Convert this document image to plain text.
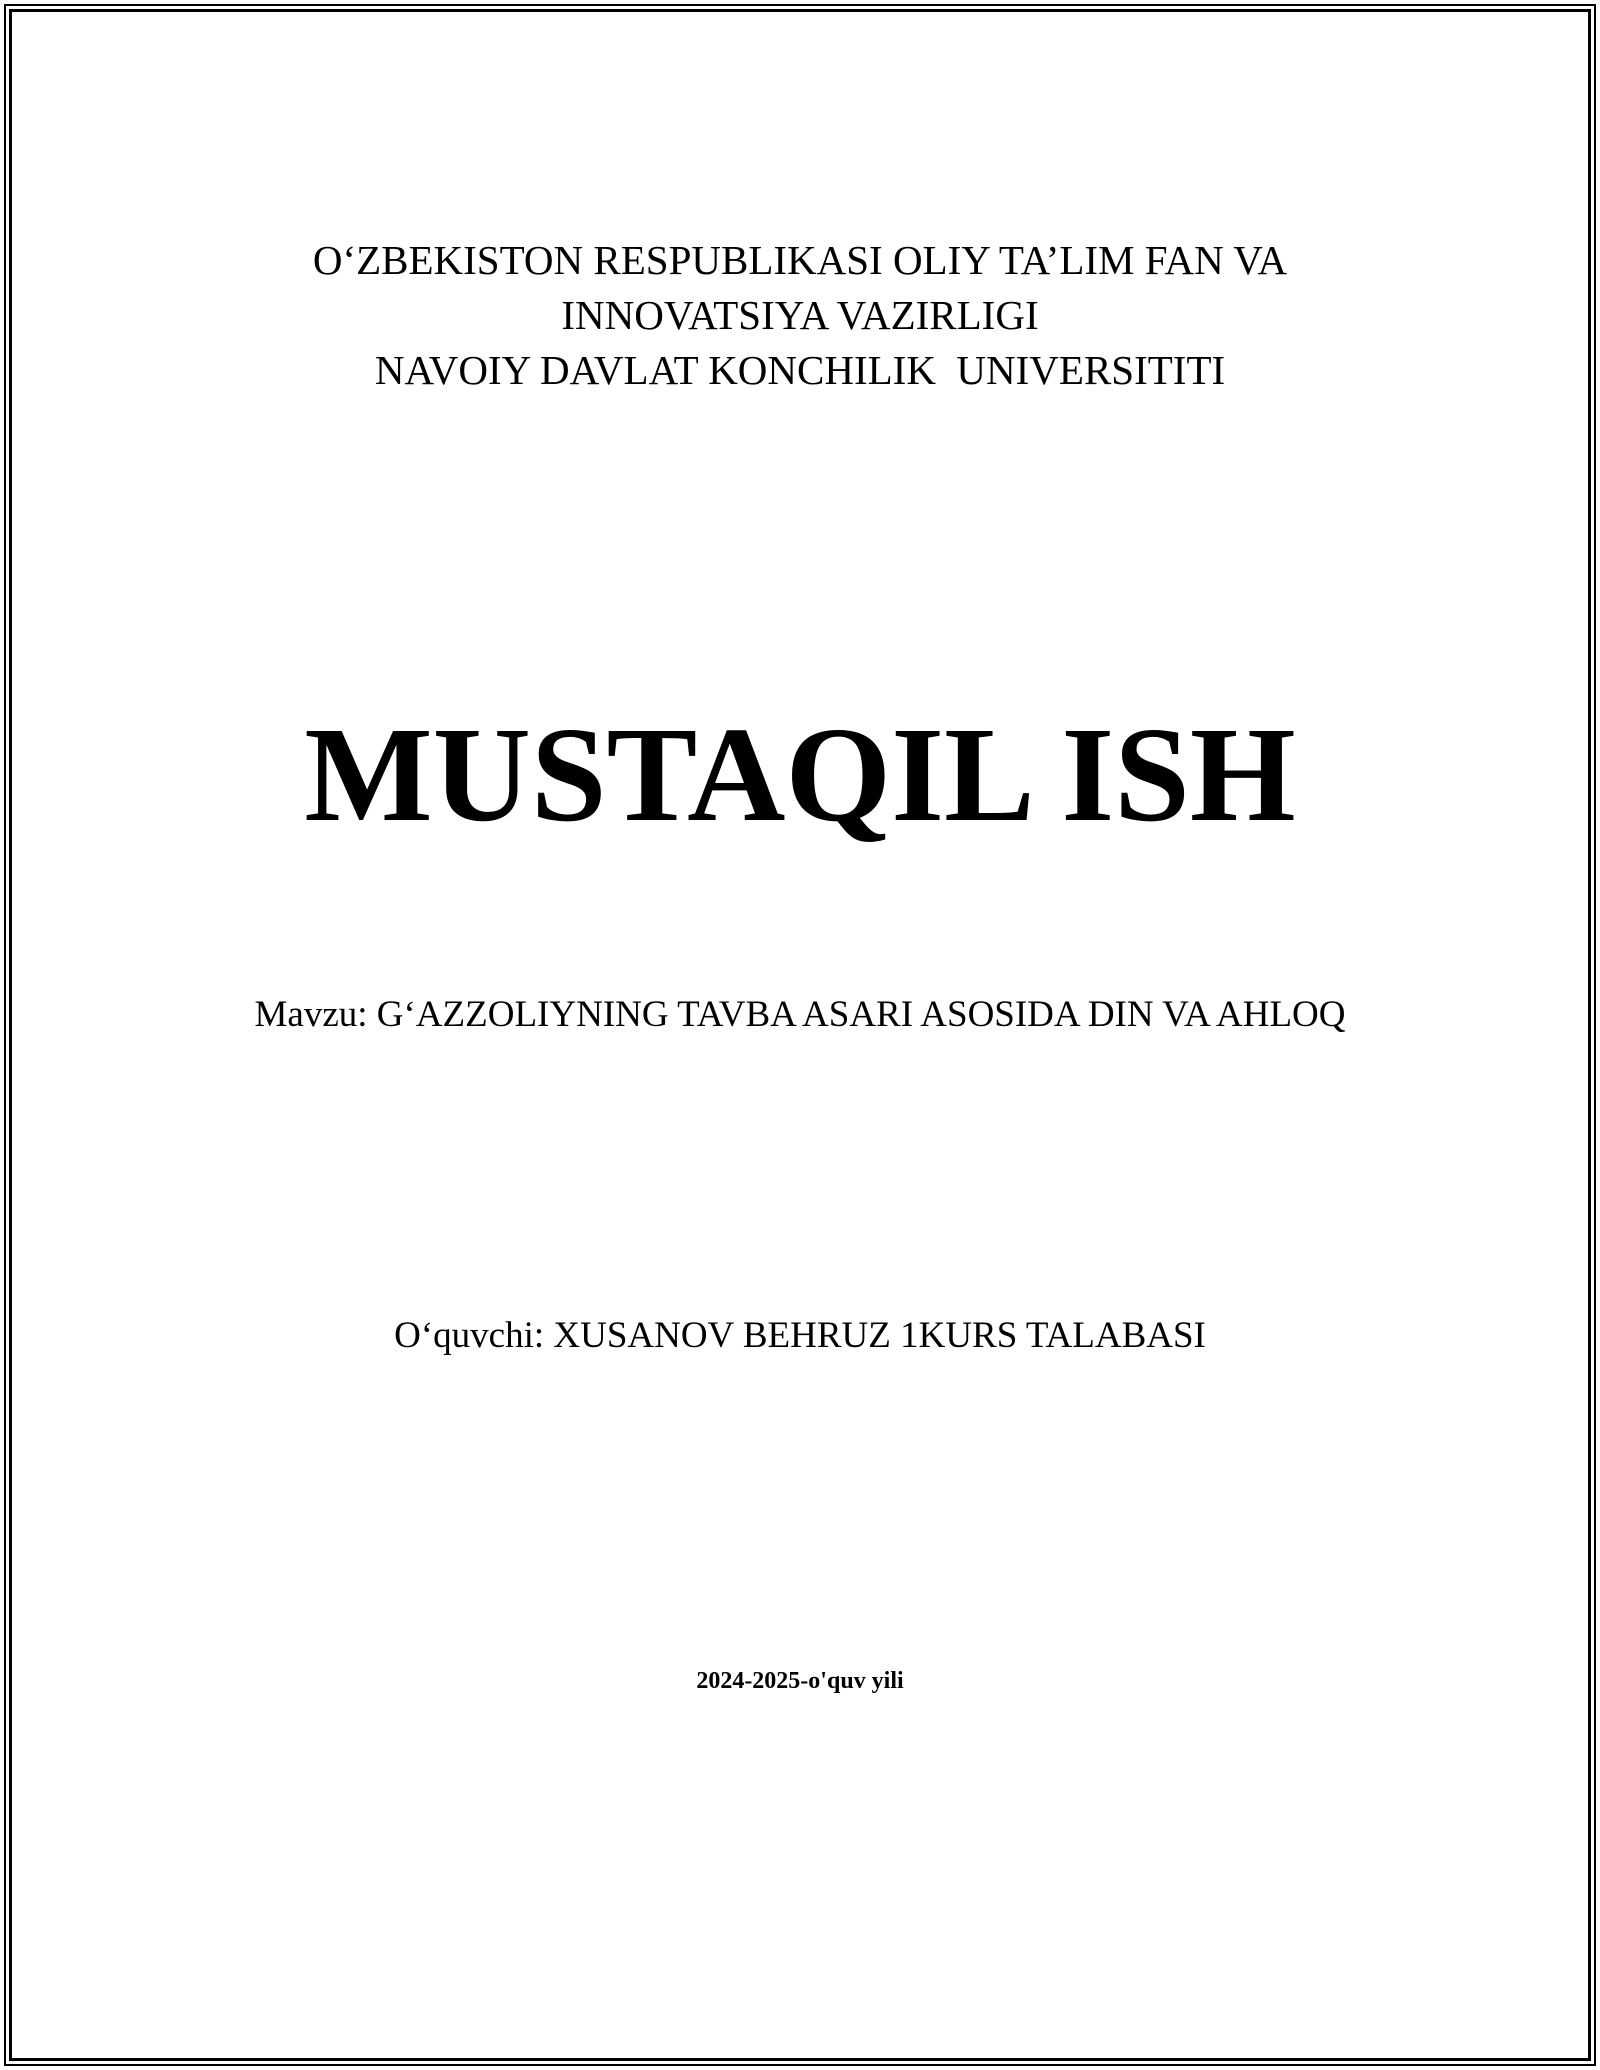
O‘ZBEKISTON RESPUBLIKASI OLIY TA’LIM FAN VA
INNOVATSIYA VAZIRLIGI
NAVOIY DAVLAT KONCHILIK  UNIVERSITITI
MUSTAQIL ISH
Mavzu: G‘AZZOLIYNING TAVBA ASARI ASOSIDA DIN VA AHLOQ
O‘quvchi: XUSANOV BEHRUZ 1KURS TALABASI
2024-2025-o'quv yili
